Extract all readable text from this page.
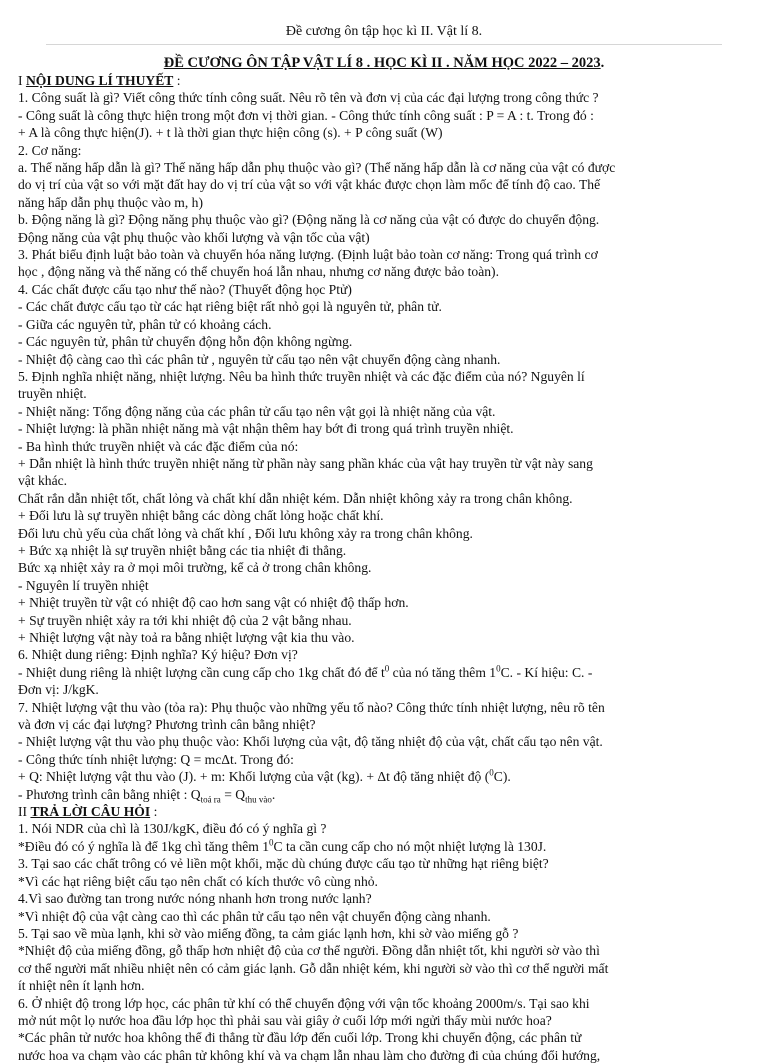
Đề cương ôn tập học kì II. Vật lí 8.
ĐỀ CƯƠNG ÔN TẬP VẬT LÍ 8 . HỌC KÌ II . NĂM HỌC 2022 – 2023.
I NỘI DUNG LÍ THUYẾT :
1. Công suất là gì? Viết công thức tính công suất. Nêu rõ tên và đơn vị của các đại lượng trong công thức ?
- Công suất là công thực hiện trong một đơn vị thời gian. - Công thức tính công suất : P = A : t. Trong đó :
+ A là công thực hiện(J). + t là thời gian thực hiện công (s). + P công suất (W)
2. Cơ năng:
a. Thế năng hấp dẫn là gì? Thế năng hấp dẫn phụ thuộc vào gì? (Thế năng hấp dẫn là cơ năng của vật có được
do vị trí của vật so với mặt đất hay do vị trí của vật so với vật khác được chọn làm mốc để tính độ cao. Thế
năng hấp dẫn phụ thuộc vào m, h)
b. Động năng là gì? Động năng phụ thuộc vào gì? (Động năng là cơ năng của vật có được do chuyển động.
Động năng của vật phụ thuộc vào khối lượng và vận tốc của vật)
3. Phát biểu định luật bảo toàn và chuyển hóa năng lượng. (Định luật bảo toàn cơ năng: Trong quá trình cơ
học , động năng và thế năng có thể chuyển hoá lẫn nhau, nhưng cơ năng được bảo toàn).
4. Các chất được cấu tạo như thế nào? (Thuyết động học Ptử)
- Các chất được cấu tạo từ các hạt riêng biệt rất nhỏ gọi là nguyên tử, phân tử.
- Giữa các nguyên tử, phân tử có khoảng cách.
- Các nguyên tử, phân tử chuyển động hỗn độn không ngừng.
- Nhiệt độ càng cao thì các phân tử , nguyên tử cấu tạo nên vật chuyển động càng nhanh.
5. Định nghĩa nhiệt năng, nhiệt lượng. Nêu ba hình thức truyền nhiệt và các đặc điểm của nó? Nguyên lí
truyền nhiệt.
- Nhiệt năng: Tổng động năng của các phân tử cấu tạo nên vật gọi là nhiệt năng của vật.
- Nhiệt lượng: là phần nhiệt năng mà vật nhận thêm hay bớt đi trong quá trình truyền nhiệt.
- Ba hình thức truyền nhiệt và các đặc điểm của nó:
+ Dẫn nhiệt là hình thức truyền nhiệt năng từ phần này sang phần khác của vật hay truyền từ vật này sang
vật khác.
Chất rắn dẫn nhiệt tốt, chất lỏng và chất khí dẫn nhiệt kém. Dẫn nhiệt không xảy ra trong chân không.
+ Đối lưu là sự truyền nhiệt bằng các dòng chất lỏng hoặc chất khí.
Đối lưu chủ yếu của chất lỏng và chất khí , Đối lưu không xảy ra trong chân không.
+ Bức xạ nhiệt là sự truyền nhiệt bằng các tia nhiệt đi thẳng.
Bức xạ nhiệt xảy ra ở mọi môi trường, kể cả ở trong chân không.
- Nguyên lí truyền nhiệt
+ Nhiệt truyền từ vật có nhiệt độ cao hơn sang vật có nhiệt độ thấp hơn.
+ Sự truyền nhiệt xảy ra tới khi nhiệt độ của 2 vật bằng nhau.
+ Nhiệt lượng vật này toả ra bằng nhiệt lượng vật kia thu vào.
6. Nhiệt dung riêng: Định nghĩa? Ký hiệu? Đơn vị?
- Nhiệt dung riêng là nhiệt lượng cần cung cấp cho 1kg chất đó để $t^0$ của nó tăng thêm $1^0C$. - Kí hiệu: C. -
Đơn vị: J/kgK.
7. Nhiệt lượng vật thu vào (tỏa ra): Phụ thuộc vào những yếu tố nào? Công thức tính nhiệt lượng, nêu rõ tên
và đơn vị các đại lượng? Phương trình cân bằng nhiệt?
- Nhiệt lượng vật thu vào phụ thuộc vào: Khối lượng của vật, độ tăng nhiệt độ của vật, chất cấu tạo nên vật.
- Công thức tính nhiệt lượng: Q = mcΔt. Trong đó:
+ Q: Nhiệt lượng vật thu vào (J). + m: Khối lượng của vật (kg). + Δt độ tăng nhiệt độ ($^0$C).
- Phương trình cân bằng nhiệt : $Q_{toả ra} = Q_{thu vào}$.
II TRẢ LỜI CÂU HỎI :
1. Nói NDR của chì là 130J/kgK, điều đó có ý nghĩa gì ?
*Điều đó có ý nghĩa là để 1kg chì tăng thêm $1^0C$ ta cần cung cấp cho nó một nhiệt lượng là 130J.
3. Tại sao các chất trông có vẻ liền một khối, mặc dù chúng được cấu tạo từ những hạt riêng biệt?
*Vì các hạt riêng biệt cấu tạo nên chất có kích thước vô cùng nhỏ.
4.Vì sao đường tan trong nước nóng nhanh hơn trong nước lạnh?
*Vì nhiệt độ của vật càng cao thì các phân tử cấu tạo nên vật chuyển động càng nhanh.
5. Tại sao về mùa lạnh, khi sờ vào miếng đồng, ta cảm giác lạnh hơn, khi sờ vào miếng gỗ ?
*Nhiệt độ của miếng đồng, gỗ thấp hơn nhiệt độ của cơ thể người. Đồng dẫn nhiệt tốt, khi người sờ vào thì
cơ thể người mất nhiều nhiệt nên có cảm giác lạnh. Gỗ dẫn nhiệt kém, khi người sờ vào thì cơ thể người mất
ít nhiệt nên ít lạnh hơn.
6. Ở nhiệt độ trong lớp học, các phân tử khí có thể chuyển động với vận tốc khoảng 2000m/s. Tại sao khi
mở nút một lọ nước hoa đầu lớp học thì phải sau vài giây ở cuối lớp mới ngửi thấy mùi nước hoa?
*Các phân tử nước hoa không thể đi thẳng từ đầu lớp đến cuối lớp. Trong khi chuyển động, các phân tử
nước hoa va chạm vào các phân tử không khí và va chạm lẫn nhau làm cho đường đi của chúng đổi hướng,
